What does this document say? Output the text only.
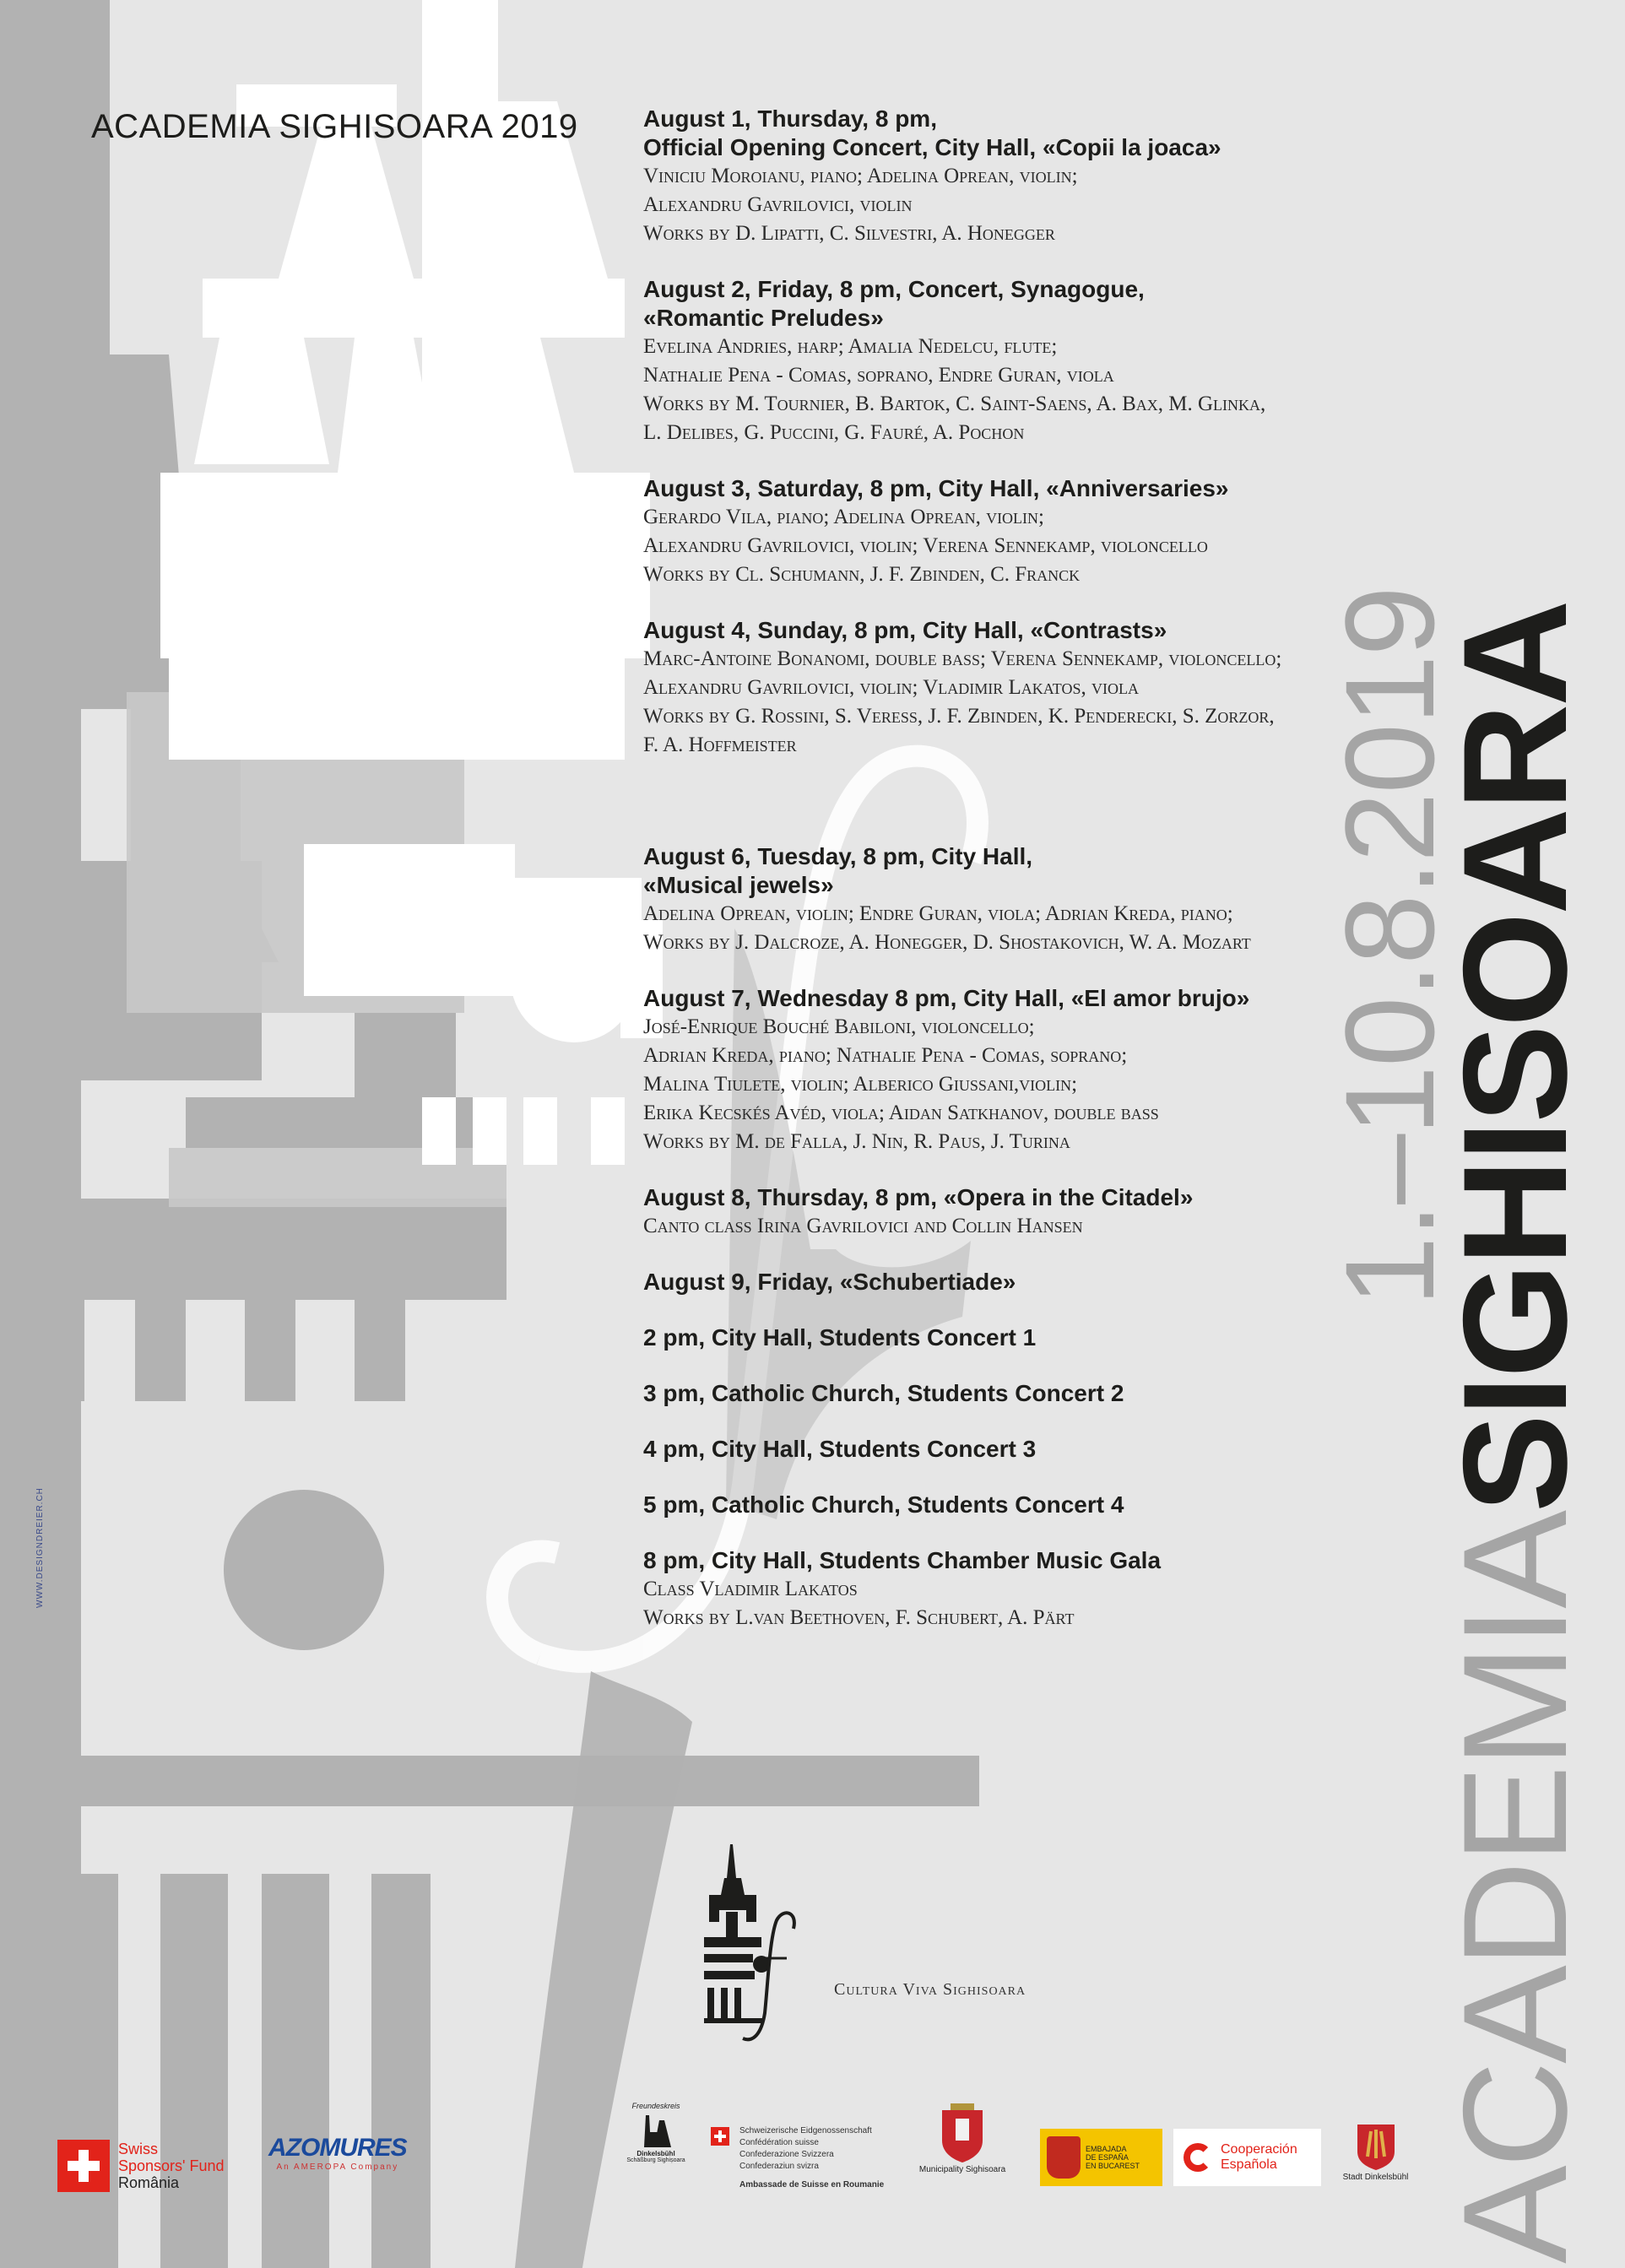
ACADEMIA SIGHISOARA 2019

1.–10.8.2019

ACADEMIASIGHISOARA

WWW.DESIGNDREIER.CH

August 1, Thursday, 8 pm,
Official Opening Concert, City Hall, «Copii la joaca»

Viniciu Moroianu, piano; Adelina Oprean, violin;

Alexandru Gavrilovici, violin

Works by D. Lipatti, C. Silvestri, A. Honegger

August 2, Friday, 8 pm, Concert, Synagogue,
«Romantic Preludes»

Evelina Andries, harp; Amalia Nedelcu, flute;

Nathalie Pena - Comas, soprano, Endre Guran, viola

Works by M. Tournier, B. Bartok, C. Saint-Saens, A. Bax, M. Glinka,

L. Delibes, G. Puccini, G. Fauré, A. Pochon

August 3, Saturday, 8 pm, City Hall, «Anniversaries»

Gerardo Vila, piano; Adelina Oprean, violin;

Alexandru Gavrilovici, violin; Verena Sennekamp, violoncello

Works by Cl. Schumann, J. F. Zbinden, C. Franck

August 4, Sunday, 8 pm, City Hall, «Contrasts»

Marc-Antoine Bonanomi, double bass; Verena Sennekamp, violoncello;

Alexandru Gavrilovici, violin; Vladimir Lakatos, viola

Works by G. Rossini, S. Veress, J. F. Zbinden, K. Penderecki, S. Zorzor,

F. A. Hoffmeister

August 6, Tuesday, 8 pm, City Hall,
«Musical jewels»

Adelina Oprean, violin; Endre Guran, viola; Adrian Kreda, piano;

Works by J. Dalcroze, A. Honegger, D. Shostakovich, W. A. Mozart

August 7, Wednesday 8 pm, City Hall, «El amor brujo»

José-Enrique Bouché Babiloni, violoncello;

Adrian Kreda, piano; Nathalie Pena - Comas, soprano;

Malina Tiulete, violin; Alberico Giussani,violin;

Erika Kecskés Avéd, viola; Aidan Satkhanov, double bass

Works by M. de Falla, J. Nin, R. Paus, J. Turina

August 8, Thursday, 8 pm, «Opera in the Citadel»

Canto class Irina Gavrilovici and Collin Hansen

August 9, Friday, «Schubertiade»
2 pm, City Hall, Students Concert 1
3 pm, Catholic Church, Students Concert 2
4 pm, City Hall, Students Concert 3
5 pm, Catholic Church, Students Concert 4
8 pm, City Hall, Students Chamber Music Gala

Class Vladimir Lakatos

Works by L.van Beethoven, F. Schubert, A. Pärt

Cultura Viva Sighisoara

Swiss
Sponsors' Fund
România
AZOMURES
An AMEROPA Company
Freundeskreis
Dinkelsbühl
Schäßburg Sighișoara
Schweizerische Eidgenossenschaft
Confédération suisse
Confederazione Svizzera
Confederaziun svizra
Ambassade de Suisse en Roumanie
Municipality Sighisoara
EMBAJADA
DE ESPAÑA
EN BUCAREST
Cooperación
Española
Stadt Dinkelsbühl
